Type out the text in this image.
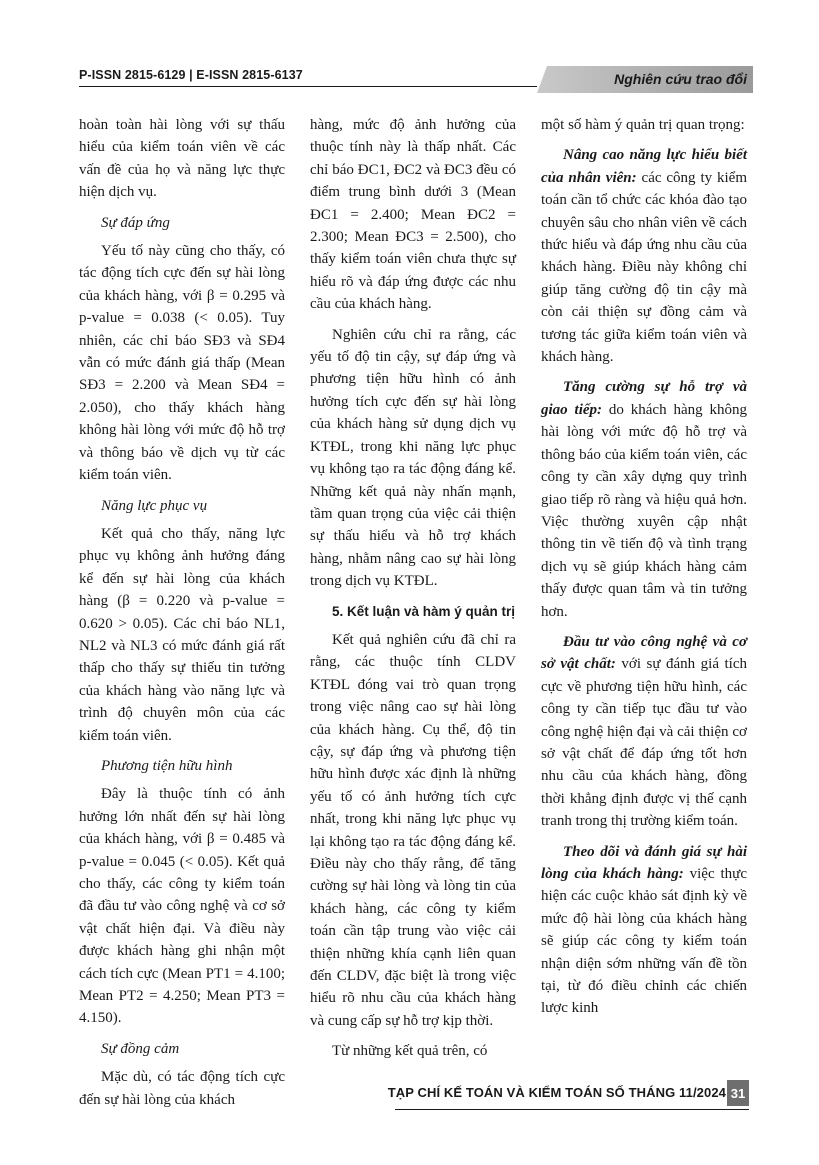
P-ISSN 2815-6129 | E-ISSN 2815-6137	Nghiên cứu trao đổi

hoàn toàn hài lòng với sự thấu hiểu của kiểm toán viên về các vấn đề của họ và năng lực thực hiện dịch vụ.

Sự đáp ứng

Yếu tố này cũng cho thấy, có tác động tích cực đến sự hài lòng của khách hàng, với β = 0.295 và p-value = 0.038 (< 0.05). Tuy nhiên, các chỉ báo SĐ3 và SĐ4 vẫn có mức đánh giá thấp (Mean SĐ3 = 2.200 và Mean SĐ4 = 2.050), cho thấy khách hàng không hài lòng với mức độ hỗ trợ và thông báo về dịch vụ từ các kiểm toán viên.

Năng lực phục vụ

Kết quả cho thấy, năng lực phục vụ không ảnh hưởng đáng kể đến sự hài lòng của khách hàng (β = 0.220 và p-value = 0.620 > 0.05). Các chỉ báo NL1, NL2 và NL3 có mức đánh giá rất thấp cho thấy sự thiếu tin tưởng của khách hàng vào năng lực và trình độ chuyên môn của các kiểm toán viên.

Phương tiện hữu hình

Đây là thuộc tính có ảnh hưởng lớn nhất đến sự hài lòng của khách hàng, với β = 0.485 và p-value = 0.045 (< 0.05). Kết quả cho thấy, các công ty kiểm toán đã đầu tư vào công nghệ và cơ sở vật chất hiện đại. Và điều này được khách hàng ghi nhận một cách tích cực (Mean PT1 = 4.100; Mean PT2 = 4.250; Mean PT3 = 4.150).

Sự đồng cảm

Mặc dù, có tác động tích cực đến sự hài lòng của khách

hàng, mức độ ảnh hưởng của thuộc tính này là thấp nhất. Các chỉ báo ĐC1, ĐC2 và ĐC3 đều có điểm trung bình dưới 3 (Mean ĐC1 = 2.400; Mean ĐC2 = 2.300; Mean ĐC3 = 2.500), cho thấy kiểm toán viên chưa thực sự hiểu rõ và đáp ứng được các nhu cầu của khách hàng.

Nghiên cứu chỉ ra rằng, các yếu tố độ tin cậy, sự đáp ứng và phương tiện hữu hình có ảnh hưởng tích cực đến sự hài lòng của khách hàng sử dụng dịch vụ KTĐL, trong khi năng lực phục vụ không tạo ra tác động đáng kể. Những kết quả này nhấn mạnh, tầm quan trọng của việc cải thiện sự thấu hiểu và hỗ trợ khách hàng, nhằm nâng cao sự hài lòng trong dịch vụ KTĐL.

5. Kết luận và hàm ý quản trị

Kết quả nghiên cứu đã chỉ ra rằng, các thuộc tính CLDV KTĐL đóng vai trò quan trọng trong việc nâng cao sự hài lòng của khách hàng. Cụ thể, độ tin cậy, sự đáp ứng và phương tiện hữu hình được xác định là những yếu tố có ảnh hưởng tích cực nhất, trong khi năng lực phục vụ lại không tạo ra tác động đáng kể. Điều này cho thấy rằng, để tăng cường sự hài lòng và lòng tin của khách hàng, các công ty kiểm toán cần tập trung vào việc cải thiện những khía cạnh liên quan đến CLDV, đặc biệt là trong việc hiểu rõ nhu cầu của khách hàng và cung cấp sự hỗ trợ kịp thời.

Từ những kết quả trên, có

một số hàm ý quản trị quan trọng:

Nâng cao năng lực hiểu biết của nhân viên: các công ty kiểm toán cần tổ chức các khóa đào tạo chuyên sâu cho nhân viên về cách thức hiểu và đáp ứng nhu cầu của khách hàng. Điều này không chỉ giúp tăng cường độ tin cậy mà còn cải thiện sự đồng cảm và tương tác giữa kiểm toán viên và khách hàng.

Tăng cường sự hỗ trợ và giao tiếp: do khách hàng không hài lòng với mức độ hỗ trợ và thông báo của kiểm toán viên, các công ty cần xây dựng quy trình giao tiếp rõ ràng và hiệu quả hơn. Việc thường xuyên cập nhật thông tin về tiến độ và tình trạng dịch vụ sẽ giúp khách hàng cảm thấy được quan tâm và tin tưởng hơn.

Đầu tư vào công nghệ và cơ sở vật chất: với sự đánh giá tích cực về phương tiện hữu hình, các công ty cần tiếp tục đầu tư vào công nghệ hiện đại và cải thiện cơ sở vật chất để đáp ứng tốt hơn nhu cầu của khách hàng, đồng thời khẳng định được vị thế cạnh tranh trong thị trường kiểm toán.

Theo dõi và đánh giá sự hài lòng của khách hàng: việc thực hiện các cuộc khảo sát định kỳ về mức độ hài lòng của khách hàng sẽ giúp các công ty kiểm toán nhận diện sớm những vấn đề tồn tại, từ đó điều chỉnh các chiến lược kinh

TẠP CHÍ KẾ TOÁN VÀ KIỂM TOÁN SỐ THÁNG 11/2024 31
